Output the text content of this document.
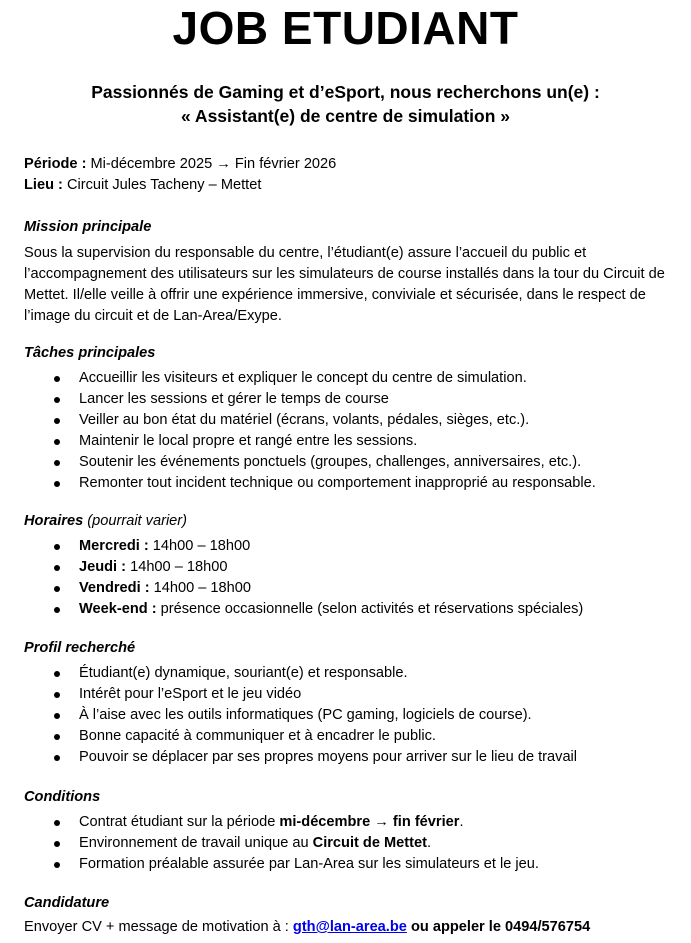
JOB ETUDIANT
Passionnés de Gaming et d’eSport, nous recherchons un(e) :
« Assistant(e) de centre de simulation »
Période : Mi-décembre 2025 → Fin février 2026
Lieu : Circuit Jules Tacheny – Mettet
Mission principale
Sous la supervision du responsable du centre, l’étudiant(e) assure l’accueil du public et l’accompagnement des utilisateurs sur les simulateurs de course installés dans la tour du Circuit de Mettet. Il/elle veille à offrir une expérience immersive, conviviale et sécurisée, dans le respect de l’image du circuit et de Lan-Area/Exype.
Tâches principales
Accueillir les visiteurs et expliquer le concept du centre de simulation.
Lancer les sessions et gérer le temps de course
Veiller au bon état du matériel (écrans, volants, pédales, sièges, etc.).
Maintenir le local propre et rangé entre les sessions.
Soutenir les événements ponctuels (groupes, challenges, anniversaires, etc.).
Remonter tout incident technique ou comportement inapproprié au responsable.
Horaires (pourrait varier)
Mercredi : 14h00 – 18h00
Jeudi : 14h00 – 18h00
Vendredi : 14h00 – 18h00
Week-end : présence occasionnelle (selon activités et réservations spéciales)
Profil recherché
Étudiant(e) dynamique, souriant(e) et responsable.
Intérêt pour l’eSport et le jeu vidéo
À l’aise avec les outils informatiques (PC gaming, logiciels de course).
Bonne capacité à communiquer et à encadrer le public.
Pouvoir se déplacer par ses propres moyens pour arriver sur le lieu de travail
Conditions
Contrat étudiant sur la période mi-décembre → fin février.
Environnement de travail unique au Circuit de Mettet.
Formation préalable assurée par Lan-Area sur les simulateurs et le jeu.
Candidature
Envoyer CV + message de motivation à : gth@lan-area.be ou appeler le 0494/576754
